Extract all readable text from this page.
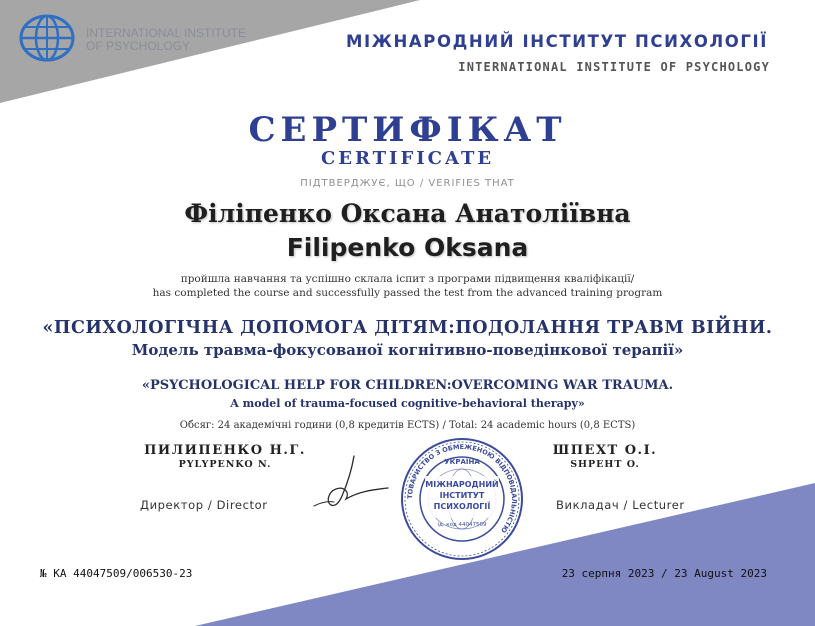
INTERNATIONAL INSTITUTE
OF PSYCHOLOGY	МІЖНАРОДНИЙ ІНСТИТУТ ПСИХОЛОГІЇ
INTERNATIONAL INSTITUTE OF PSYCHOLOGY
СЕРТИФІКАТ
CERTIFICATE
ПІДТВЕРДЖУЄ, ЩО / VERIFIES THAT
Філіпенко Оксана Анатоліївна
Filipenko Oksana
пройшла навчання та успішно склала іспит з програми підвищення кваліфікації/
has completed the course and successfully passed the test from the advanced training program
«ПСИХОЛОГІЧНА ДОПОМОГА ДІТЯМ:ПОДОЛАННЯ ТРАВМ ВІЙНИ.
Модель травма-фокусованої когнітивно-поведінкової терапії»
«PSYCHOLOGICAL HELP FOR CHILDREN:OVERCOMING WAR TRAUMA.
A model of trauma-focused cognitive-behavioral therapy»
Обсяг: 24 академічні години (0,8 кредитів ECTS) / Total: 24 academic hours (0,8 ECTS)
ПИЛИПЕНКО Н.Г.
PYLYPENKO N.
Директор / Director
ШПЕХТ О.І.
SHPEHT O.
Викладач / Lecturer
ТОВАРИСТВО З ОБМЕЖЕНОЮ ВІДПОВІДАЛЬНІСТЮ
УКРАЇНА
МІЖНАРОДНИЙ
ІНСТИТУТ
ПСИХОЛОГІЇ
ід. код 44047509
№ КА 44047509/006530-23	23 серпня 2023 / 23 August 2023
